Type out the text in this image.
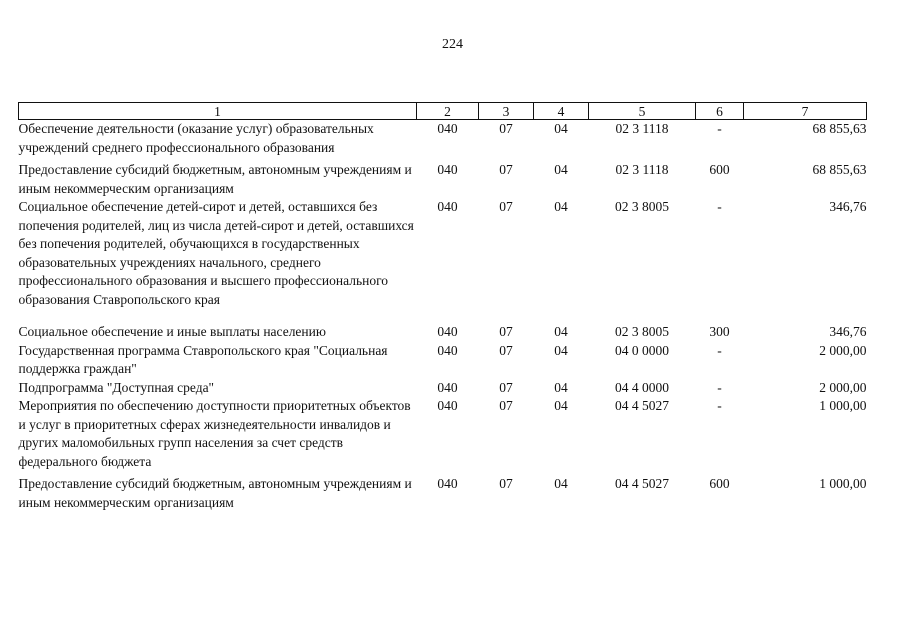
224
1	2	3	4	5	6	7
Обеспечение деятельности (оказание услуг) образовательных учреждений среднего профессионального образования	040	07	04	02 3 1118	-	68 855,63
Предоставление субсидий бюджетным, автономным учреждениям и иным некоммерческим организациям	040	07	04	02 3 1118	600	68 855,63
Социальное обеспечение детей-сирот и детей, оставшихся без попечения родителей, лиц из числа детей-сирот и детей, оставшихся без попечения родителей, обучающихся в государственных образовательных учреждениях начального, среднего профессионального образования и высшего профессионального образования Ставропольского края	040	07	04	02 3 8005	-	346,76
Социальное обеспечение и иные выплаты населению	040	07	04	02 3 8005	300	346,76
Государственная программа Ставропольского края "Социальная поддержка граждан"	040	07	04	04 0 0000	-	2 000,00
Подпрограмма "Доступная среда"	040	07	04	04 4 0000	-	2 000,00
Мероприятия по обеспечению доступности приоритетных объектов и услуг в приоритетных сферах жизнедеятельности инвалидов и других маломобильных групп населения за счет средств федерального бюджета	040	07	04	04 4 5027	-	1 000,00
Предоставление субсидий бюджетным, автономным учреждениям и иным некоммерческим организациям	040	07	04	04 4 5027	600	1 000,00
